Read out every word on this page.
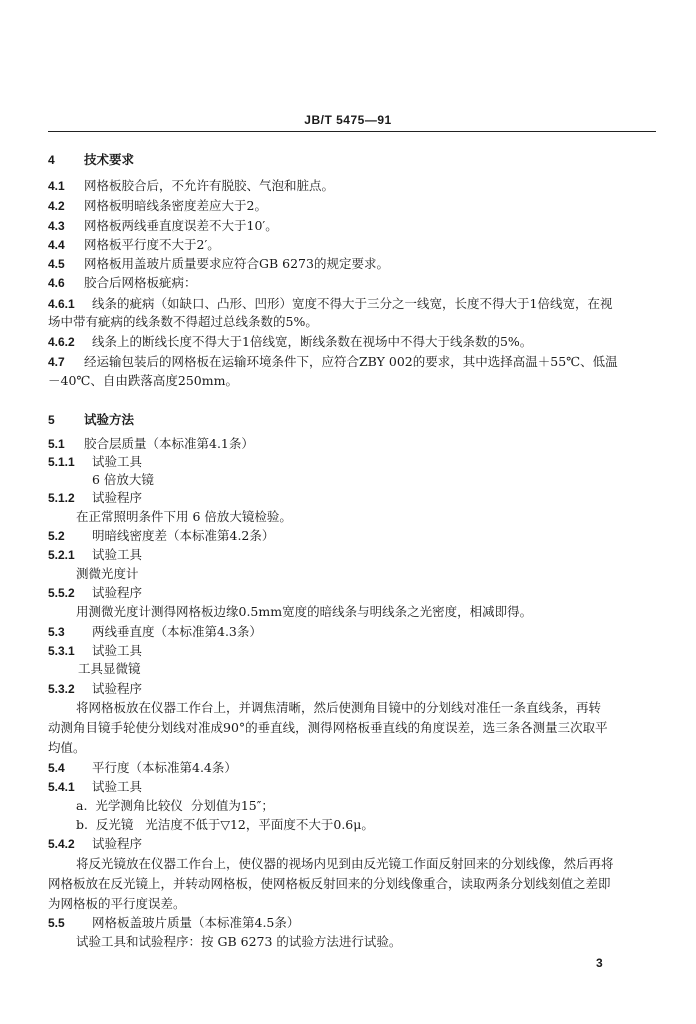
JB/T 5475—91
4 技术要求
4.1 网格板胶合后，不允许有脱胶、气泡和脏点。
4.2 网格板明暗线条密度差应大于2。
4.3 网格板两线垂直度误差不大于10′。
4.4 网格板平行度不大于2′。
4.5 网格板用盖玻片质量要求应符合GB 6273的规定要求。
4.6 胶合后网格板疵病：
4.6.1 线条的疵病（如缺口、凸形、凹形）宽度不得大于三分之一线宽，长度不得大于1倍线宽，在视
场中带有疵病的线条数不得超过总线条数的5%。
4.6.2 线条上的断线长度不得大于1倍线宽，断线条数在视场中不得大于线条数的5%。
4.7 经运输包装后的网格板在运输环境条件下，应符合ZBY 002的要求，其中选择高温＋55℃、低温
－40℃、自由跌落高度250mm。
5 试验方法
5.1 胶合层质量（本标准第4.1条）
5.1.1 试验工具
6 倍放大镜
5.1.2 试验程序
在正常照明条件下用 6 倍放大镜检验。
5.2 明暗线密度差（本标准第4.2条）
5.2.1 试验工具
测微光度计
5.5.2 试验程序
用测微光度计测得网格板边缘0.5mm宽度的暗线条与明线条之光密度，相减即得。
5.3 两线垂直度（本标准第4.3条）
5.3.1 试验工具
工具显微镜
5.3.2 试验程序
将网格板放在仪器工作台上，并调焦清晰，然后使测角目镜中的分划线对准任一条直线条，再转
动测角目镜手轮使分划线对准成90°的垂直线，测得网格板垂直线的角度误差，选三条各测量三次取平
均值。
5.4 平行度（本标准第4.4条）
5.4.1 试验工具
a.  光学测角比较仪  分划值为15″；
b.  反光镜   光洁度不低于▽12，平面度不大于0.6μ。
5.4.2 试验程序
将反光镜放在仪器工作台上，使仪器的视场内见到由反光镜工作面反射回来的分划线像，然后再将
网格板放在反光镜上，并转动网格板，使网格板反射回来的分划线像重合，读取两条分划线刻值之差即
为网格板的平行度误差。
5.5 网格板盖玻片质量（本标准第4.5条）
试验工具和试验程序：按 GB 6273 的试验方法进行试验。
3
